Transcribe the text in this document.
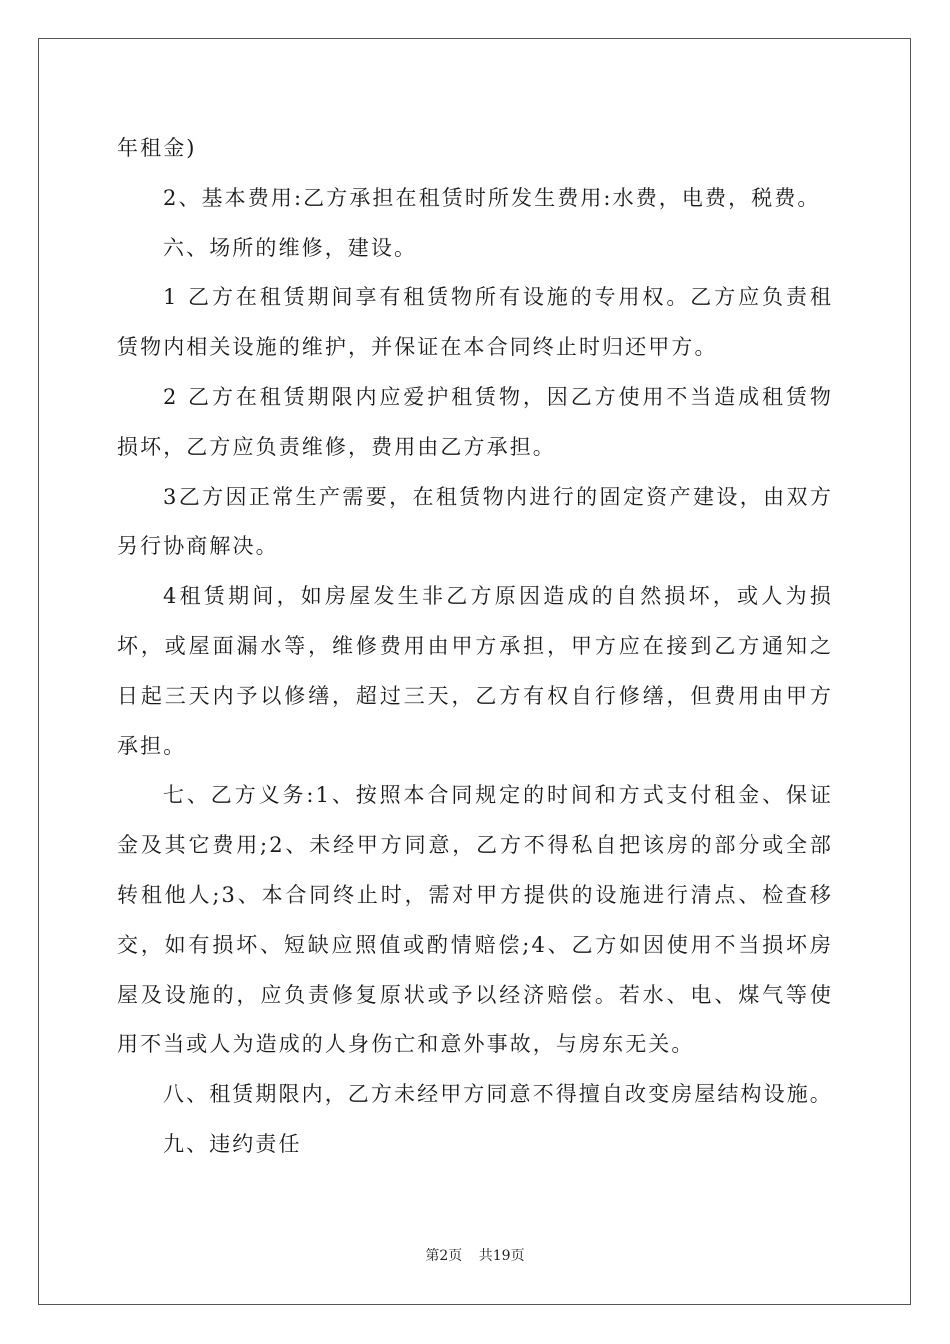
年租金)

2、基本费用:乙方承担在租赁时所发生费用:水费，电费，税费。

六、场所的维修，建设。

1 乙方在租赁期间享有租赁物所有设施的专用权。乙方应负责租赁物内相关设施的维护，并保证在本合同终止时归还甲方。

2 乙方在租赁期限内应爱护租赁物，因乙方使用不当造成租赁物损坏，乙方应负责维修，费用由乙方承担。

3乙方因正常生产需要，在租赁物内进行的固定资产建设，由双方另行协商解决。

4租赁期间，如房屋发生非乙方原因造成的自然损坏，或人为损坏，或屋面漏水等，维修费用由甲方承担，甲方应在接到乙方通知之日起三天内予以修缮，超过三天，乙方有权自行修缮，但费用由甲方承担。

七、乙方义务:1、按照本合同规定的时间和方式支付租金、保证金及其它费用;2、未经甲方同意，乙方不得私自把该房的部分或全部转租他人;3、本合同终止时，需对甲方提供的设施进行清点、检查移交，如有损坏、短缺应照值或酌情赔偿;4、乙方如因使用不当损坏房屋及设施的，应负责修复原状或予以经济赔偿。若水、电、煤气等使用不当或人为造成的人身伤亡和意外事故，与房东无关。

八、租赁期限内，乙方未经甲方同意不得擅自改变房屋结构设施。

九、违约责任

第2页 共19页
